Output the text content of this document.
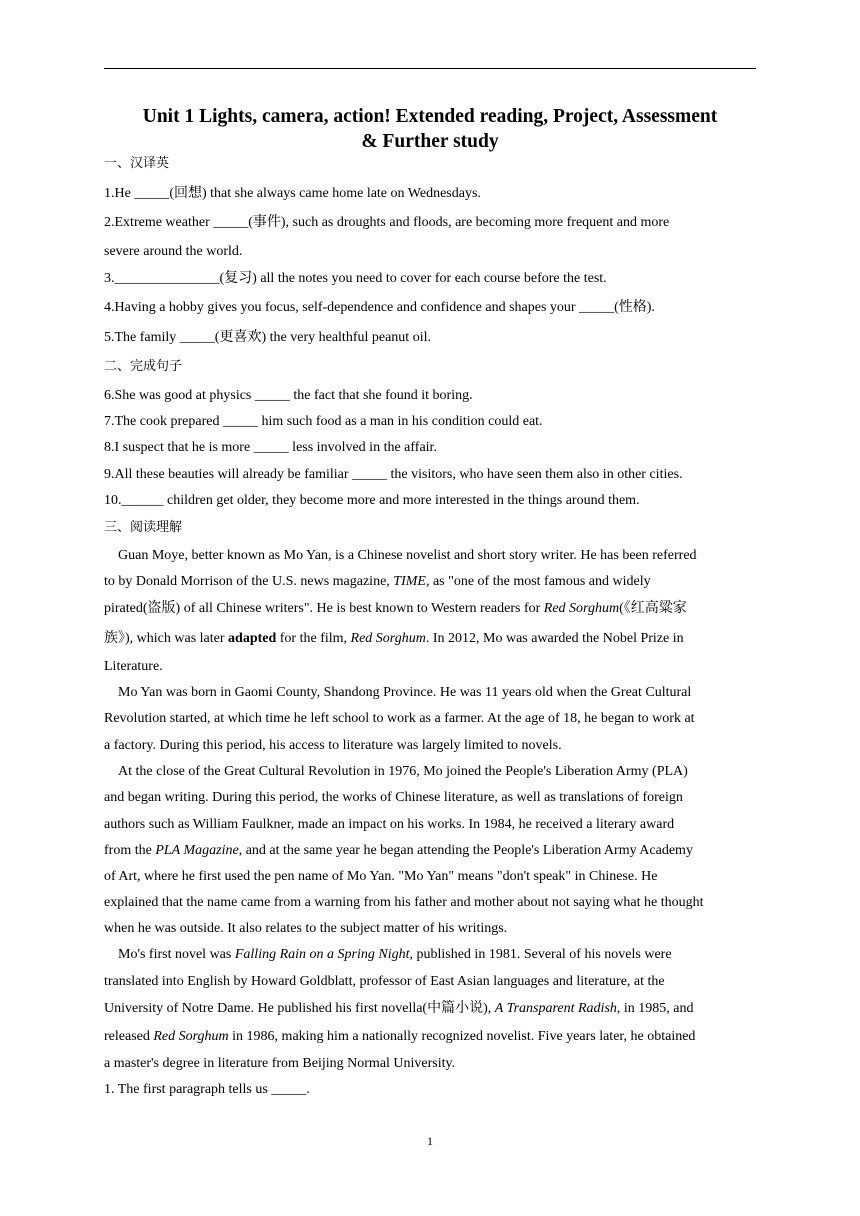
Unit 1 Lights, camera, action! Extended reading, Project, Assessment
& Further study
一、汉译英
1.He _____(回想) that she always came home late on Wednesdays.
2.Extreme weather _____(事件), such as droughts and floods, are becoming more frequent and more
severe around the world.
3._______________(复习) all the notes you need to cover for each course before the test.
4.Having a hobby gives you focus, self-dependence and confidence and shapes your _____(性格).
5.The family _____(更喜欢) the very healthful peanut oil.
二、完成句子
6.She was good at physics _____ the fact that she found it boring.
7.The cook prepared _____ him such food as a man in his condition could eat.
8.I suspect that he is more _____ less involved in the affair.
9.All these beauties will already be familiar _____ the visitors, who have seen them also in other cities.
10.______ children get older, they become more and more interested in the things around them.
三、阅读理解
Guan Moye, better known as Mo Yan, is a Chinese novelist and short story writer. He has been referred
to by Donald Morrison of the U.S. news magazine, TIME, as "one of the most famous and widely
pirated(盗版) of all Chinese writers". He is best known to Western readers for Red Sorghum(《红高粱家
族》), which was later adapted for the film, Red Sorghum. In 2012, Mo was awarded the Nobel Prize in
Literature.
Mo Yan was born in Gaomi County, Shandong Province. He was 11 years old when the Great Cultural
Revolution started, at which time he left school to work as a farmer. At the age of 18, he began to work at
a factory. During this period, his access to literature was largely limited to novels.
At the close of the Great Cultural Revolution in 1976, Mo joined the People's Liberation Army (PLA)
and began writing. During this period, the works of Chinese literature, as well as translations of foreign
authors such as William Faulkner, made an impact on his works. In 1984, he received a literary award
from the PLA Magazine, and at the same year he began attending the People's Liberation Army Academy
of Art, where he first used the pen name of Mo Yan. "Mo Yan" means "don't speak" in Chinese. He
explained that the name came from a warning from his father and mother about not saying what he thought
when he was outside. It also relates to the subject matter of his writings.
Mo's first novel was Falling Rain on a Spring Night, published in 1981. Several of his novels were
translated into English by Howard Goldblatt, professor of East Asian languages and literature, at the
University of Notre Dame. He published his first novella(中篇小说), A Transparent Radish, in 1985, and
released Red Sorghum in 1986, making him a nationally recognized novelist. Five years later, he obtained
a master's degree in literature from Beijing Normal University.
1. The first paragraph tells us _____.
1
